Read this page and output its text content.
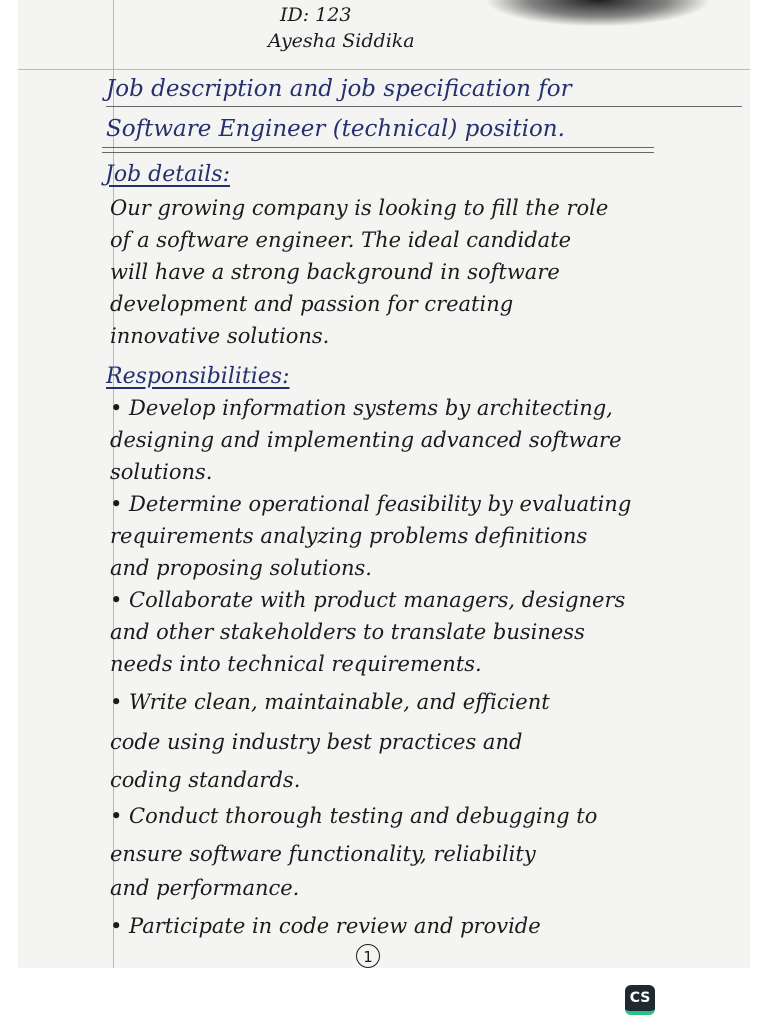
ID: 123

Ayesha Siddika

Job description and job specification for

Software Engineer (technical) position.

Job details:

Our growing company is looking to fill the role

of a software engineer. The ideal candidate

will have a strong background in software

development and passion for creating

innovative solutions.

Responsibilities:

• Develop information systems by architecting,

designing and implementing advanced software

solutions.

• Determine operational feasibility by evaluating

requirements analyzing problems definitions

and proposing solutions.

• Collaborate with product managers, designers

and other stakeholders to translate business

needs into technical requirements.

• Write clean, maintainable, and efficient

code using industry best practices and

coding standards.

• Conduct thorough testing and debugging to

ensure software functionality, reliability

and performance.

• Participate in code review and provide

1
CS
